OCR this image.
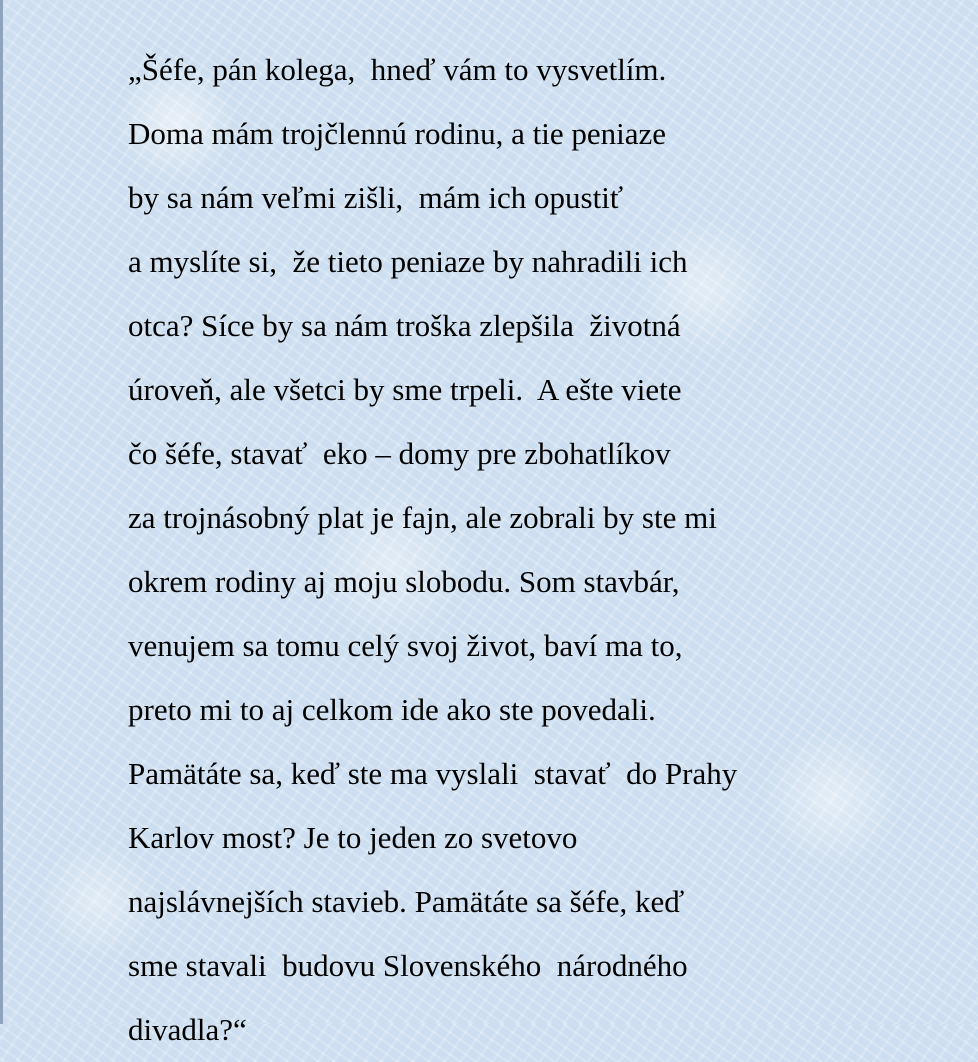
„Šéfe, pán kolega,  hneď vám to vysvetlím.
Doma mám trojčlennú rodinu, a tie peniaze
by sa nám veľmi zišli,  mám ich opustiť
a myslíte si,  že tieto peniaze by nahradili ich
otca? Síce by sa nám troška zlepšila  životná
úroveň, ale všetci by sme trpeli.  A ešte viete
čo šéfe, stavať  eko – domy pre zbohatlíkov
za trojnásobný plat je fajn, ale zobrali by ste mi
okrem rodiny aj moju slobodu. Som stavbár,
venujem sa tomu celý svoj život, baví ma to,
preto mi to aj celkom ide ako ste povedali.
Pamätáte sa, keď ste ma vyslali  stavať  do Prahy
Karlov most? Je to jeden zo svetovo
najslávnejších stavieb. Pamätáte sa šéfe, keď
sme stavali  budovu Slovenského  národného
divadla?“
